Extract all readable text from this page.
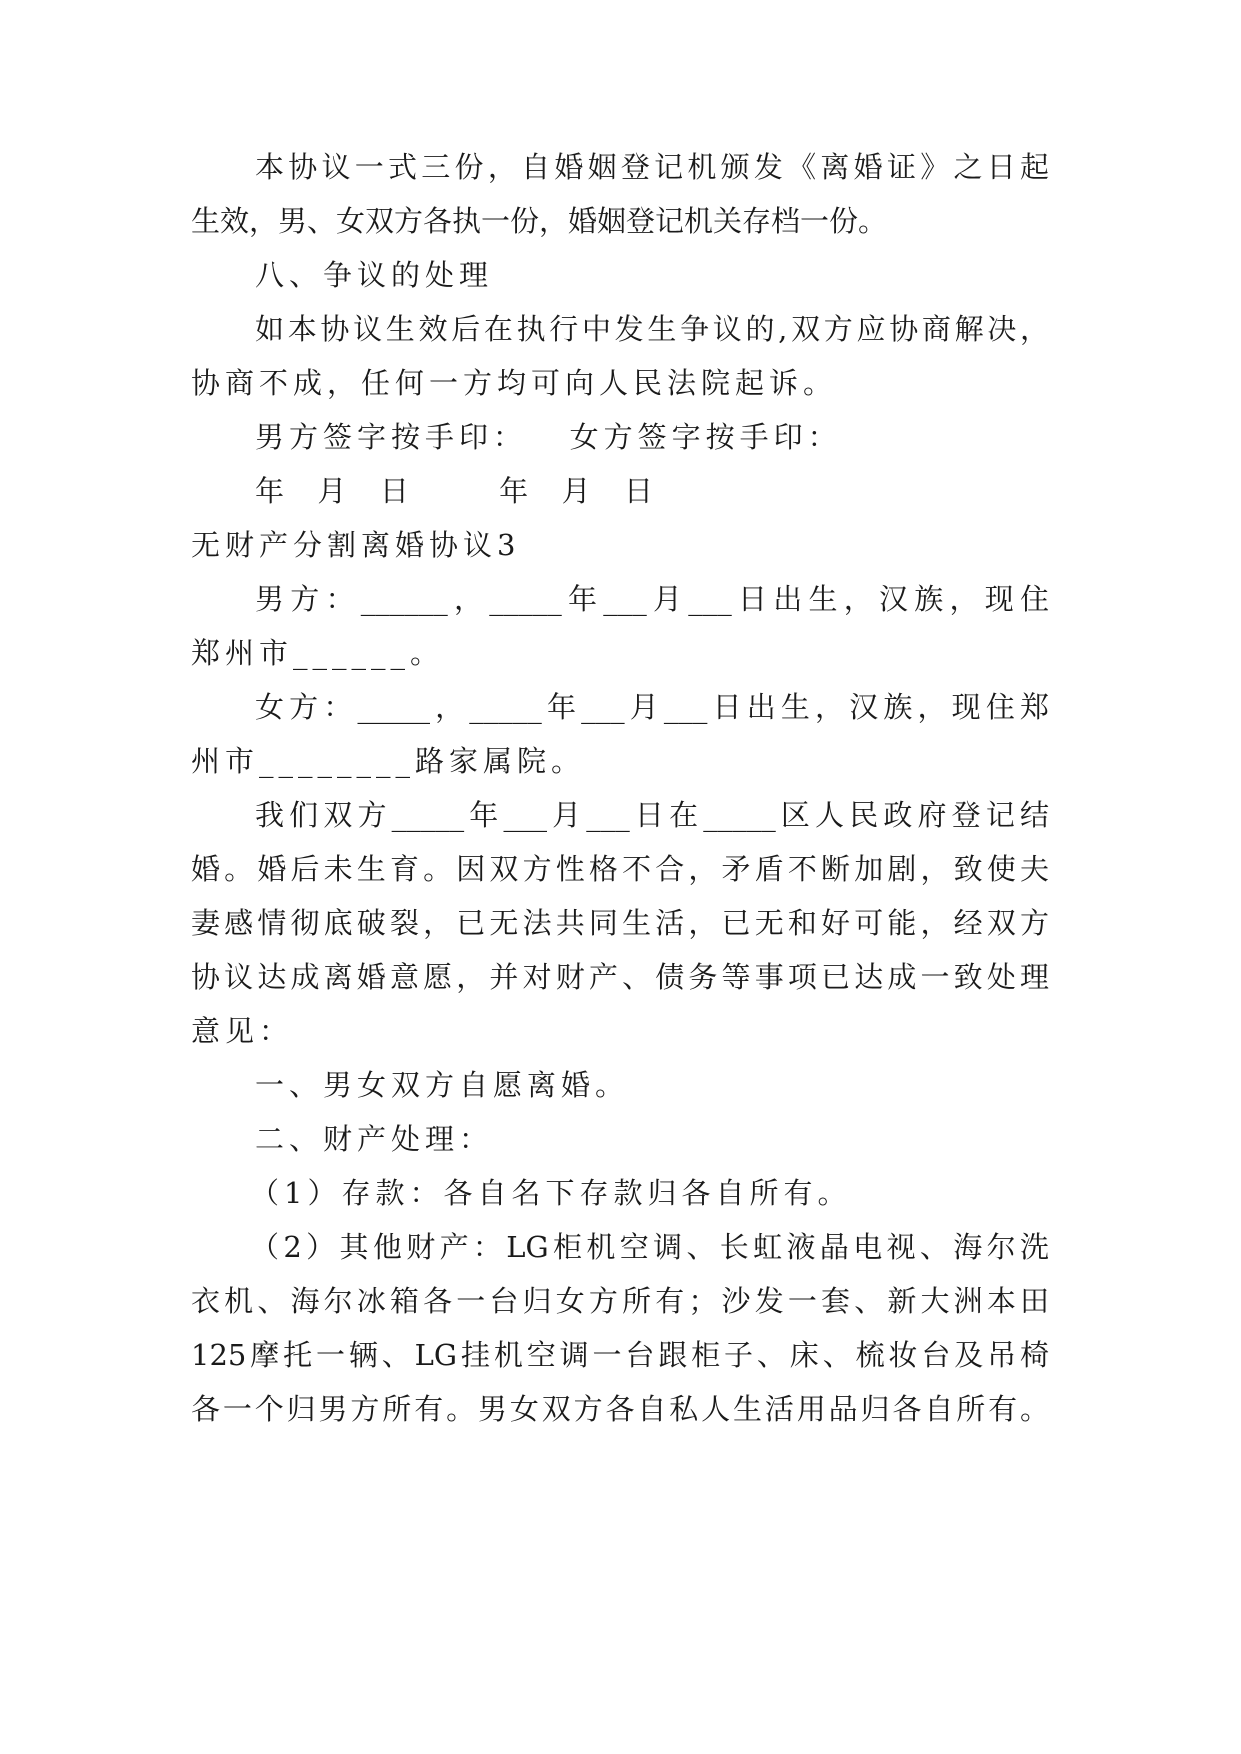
本协议一式三份，自婚姻登记机颁发《离婚证》之日起
生效，男、女双方各执一份，婚姻登记机关存档一份。
八、争议的处理
如本协议生效后在执行中发生争议的,双方应协商解决，
协商不成，任何一方均可向人民法院起诉。
男方签字按手印：   女方签字按手印：
年  月  日      年  月  日
无财产分割离婚协议3
男方：______，_____年___月___日出生，汉族，现住
郑州市______。
女方：_____，_____年___月___日出生，汉族，现住郑
州市________路家属院。
我们双方_____年___月___日在_____区人民政府登记结
婚。婚后未生育。因双方性格不合，矛盾不断加剧，致使夫
妻感情彻底破裂，已无法共同生活，已无和好可能，经双方
协议达成离婚意愿，并对财产、债务等事项已达成一致处理
意见：
一、男女双方自愿离婚。
二、财产处理：
（1）存款：各自名下存款归各自所有。
（2）其他财产：LG柜机空调、长虹液晶电视、海尔洗
衣机、海尔冰箱各一台归女方所有；沙发一套、新大洲本田
125摩托一辆、LG挂机空调一台跟柜子、床、梳妆台及吊椅
各一个归男方所有。男女双方各自私人生活用品归各自所有。
